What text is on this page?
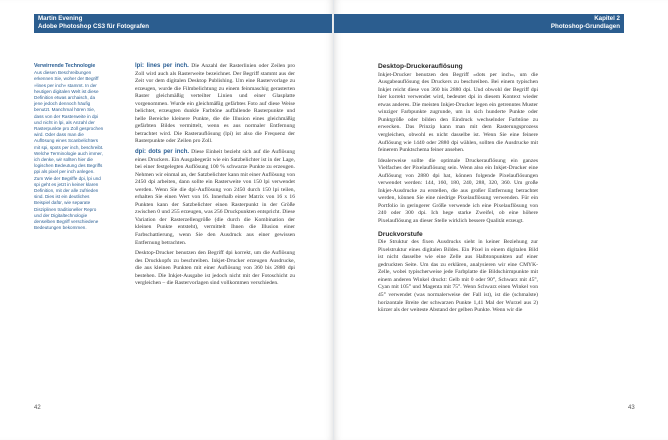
Martin Evening
Adobe Photoshop CS3 für Fotografen
Verwirrende Technologie
Aus diesen Beschreibungen erkennen Sie, woher der Begriff »lines per inch« stammt. In der heutigen digitalen Welt ist diese Definition etwas archaisch, da jene jedoch dennoch häufig benutzt. Manchmal hören Sie, dass von der Rasterweite in dpi und nicht in lpi, als Anzahl der Rasterpunkte pro Zoll gesprochen wird. Oder dass man die Auflösung eines Scanbelichters mit spi, spots per inch, beschreibt. Welche Terminologie auch immer, ich denke, wir sollten hier die logischen Bedeutung des Begriffs ppi als pixel per inch anlegen. Zum Wie der Begriffe dpi, lpi und spi geht es jetzt in keiner klaren Definition, mit der alle zufrieden sind. Dies ist ein deutliches Beispiel dafür, wie separate Disziplinen traditioneller Repro und der Digitaltechnologie denselben Begriff verschiedene Bedeutungen bekommen.

lpi: lines per inch. Die Anzahl der Rasterlinien oder Zeilen pro Zoll wird auch als Rasterweite bezeichnet. Der Begriff stammt aus der Zeit vor dem digitalen Desktop Publishing. Um eine Rastervorlage zu erzeugen, wurde die Filmbelichtung zu einem feinmaschig gerasterten Raster gleichmäßig verteilter Linien und einer Glasplatte vorgenommen. Wurde ein gleichmäßig gefärbtes Foto auf diese Weise belichtet, erzeugten dunkle Farbtöne auffallende Rasterpunkte und helle Bereiche kleinere Punkte, die die Illusion eines gleichmäßig gefärbten Bildes vermittelt, wenn es aus normaler Entfernung betrachtet wird. Die Rasterauflösung (lpi) ist also die Frequenz der Rasterpunkte oder Zeilen pro Zoll.

dpi: dots per inch. Diese Einheit bezieht sich auf die Auflösung eines Druckers. Ein Ausgabegerät wie ein Satzbelichter ist in der Lage, bei einer festgelegten Auflösung 100 % schwarze Punkte zu erzeugen. Nehmen wir einmal an, der Satzbelichter kann mit einer Auflösung von 2450 dpi arbeiten, dann sollte ein Rasterweite von 150 lpi verwendet werden. Wenn Sie die dpi-Auflösung von 2450 durch 150 lpi teilen, erhalten Sie einen Wert von 16. Innerhalb einer Matrix von 16 x 16 Punkten kann der Satzbelichter einen Rasterpunkt in der Größe zwischen 0 und 255 erzeugen, was 256 Druckpunkten entspricht. Diese Variation der Rasterzellengröße (die durch die Kombination der kleinen Punkte entsteht), vermittelt Ihnen die Illusion einer Farbschattierung, wenn Sie den Ausdruck aus einer gewissen Entfernung betrachten.

Desktop-Drucker benutzen den Begriff dpi korrekt, um die Auflösung des Druckkopfs zu beschreiben. Inkjet-Drucker erzeugen Ausdrucke, die aus kleinen Punkten mit einer Auflösung von 360 bis 2880 dpi bestehen. Die Inkjet-Ausgabe ist jedoch nicht mit der Fotoschicht zu vergleichen – die Rastervorlagen sind vollkommen verschieden.

42
Kapitel 2
Photoshop-Grundlagen
Desktop-Druckerauflösung

Inkjet-Drucker benutzen den Begriff »dots per inch«, um die Ausgabeauflösung des Druckers zu beschreiben. Bei einem typischen Inkjet reicht diese von 360 bis 2880 dpi. Und obwohl der Begriff dpi hier korrekt verwendet wird, bedeutet dpi in diesem Kontext wieder etwas anderes. Die meisten Inkjet-Drucker legen ein getrenntes Muster winziger Farbpunkte zugrunde, um in sich hunderte Punkte oder Punktgröße oder bilden den Eindruck wechselnder Farbtöne zu erwecken. Das Prinzip kann man mit dem Rasterungsprozess vergleichen, obwohl es nicht dasselbe ist. Wenn Sie eine feinere Auflösung wie 1440 oder 2880 dpi wählen, sollten die Ausdrucke mit feinerem Punktschema feiner ansehen.

Idealerweise sollte die optimale Druckerauflösung ein ganzes Vielfaches der Pixelauflösung sein. Wenn also ein Inkjet-Drucker eine Auflösung von 2880 dpi hat, können folgende Pixelauflösungen verwendet werden: 144, 160, 180, 240, 288, 320, 360. Um große Inkjet-Ausdrucke zu erstellen, die aus großer Entfernung betrachtet werden, können Sie eine niedrige Pixelauflösung verwenden. Für ein Portfolio in geringerer Größe verwende ich eine Pixelauflösung von 240 oder 300 dpi. Ich hege starke Zweifel, ob eine höhere Pixelauflösung an dieser Stelle wirklich bessere Qualität erzeugt.

Druckvorstufe

Die Struktur des fixen Ausdrucks sieht in keiner Beziehung zur Pixelstruktur eines digitalen Bildes. Ein Pixel in einem digitalen Bild ist nicht dasselbe wie eine Zelle aus Halbtonpunkten auf einer gedruckten Seite. Um das zu erklären, analysieren wir eine CMYK-Zelle, wobei typischerweise jede Farbplatte die Bildschirmpunkte mit einem anderen Winkel druckt: Gelb mit 0 oder 90°, Schwarz mit 45°, Cyan mit 105° und Magenta mit 75°. Wenn Schwarz einen Winkel von 45° verwendet (was normalerweise der Fall ist), ist die (schmalste) horizontale Breite der schwarzen Punkte 1,41 Mal der Wurzel aus 2) kürzer als der weiteste Abstand der gelben Punkte. Wenn wir die

43
